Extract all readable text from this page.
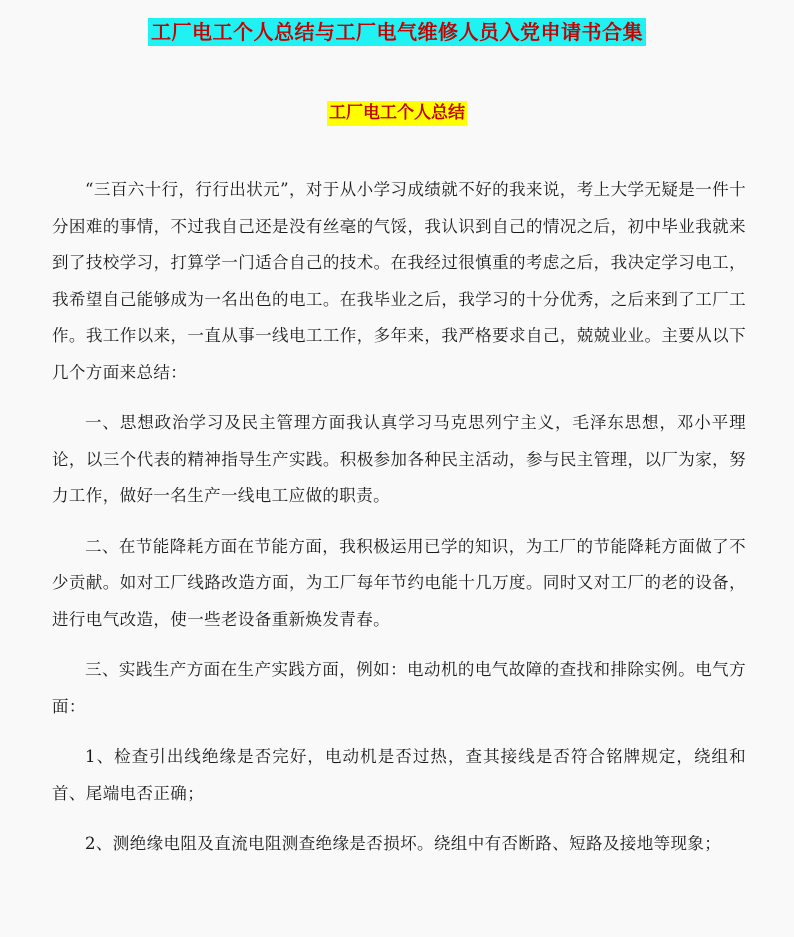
工厂电工个人总结与工厂电气维修人员入党申请书合集
工厂电工个人总结

“三百六十行，行行出状元”，对于从小学习成绩就不好的我来说，考上大学无疑是一件十分困难的事情，不过我自己还是没有丝毫的气馁，我认识到自己的情况之后，初中毕业我就来到了技校学习，打算学一门适合自己的技术。在我经过很慎重的考虑之后，我决定学习电工，我希望自己能够成为一名出色的电工。在我毕业之后，我学习的十分优秀，之后来到了工厂工作。我工作以来，一直从事一线电工工作，多年来，我严格要求自己，兢兢业业。主要从以下几个方面来总结：

一、思想政治学习及民主管理方面我认真学习马克思列宁主义，毛泽东思想，邓小平理论，以三个代表的精神指导生产实践。积极参加各种民主活动，参与民主管理，以厂为家，努力工作，做好一名生产一线电工应做的职责。

二、在节能降耗方面在节能方面，我积极运用已学的知识，为工厂的节能降耗方面做了不少贡献。如对工厂线路改造方面，为工厂每年节约电能十几万度。同时又对工厂的老的设备，进行电气改造，使一些老设备重新焕发青春。

三、实践生产方面在生产实践方面，例如：电动机的电气故障的查找和排除实例。电气方面：

1、检查引出线绝缘是否完好，电动机是否过热，查其接线是否符合铭牌规定，绕组和首、尾端电否正确；

2、测绝缘电阻及直流电阻测查绝缘是否损坏。绕组中有否断路、短路及接地等现象；
